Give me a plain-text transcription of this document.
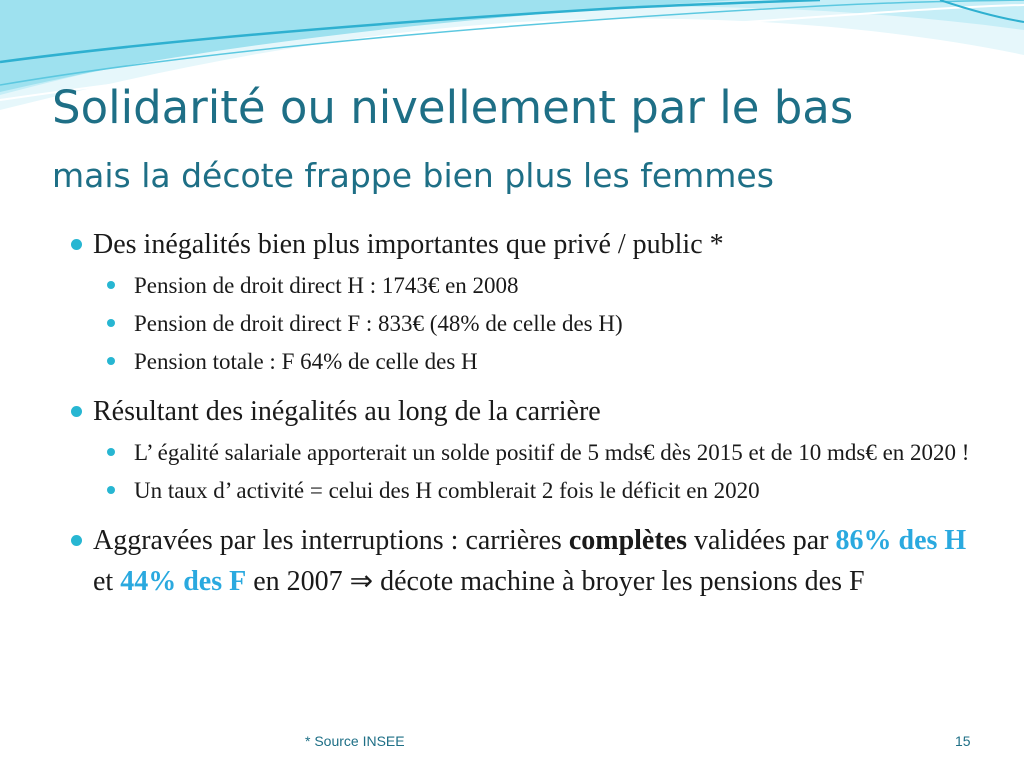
Solidarité ou nivellement par le bas
mais la décote frappe bien plus les femmes
Des inégalités bien plus importantes que privé / public *
Pension de droit direct H : 1743€ en 2008
Pension de droit direct F : 833€ (48% de celle des H)
Pension totale : F 64% de celle des H
Résultant des inégalités au long de la carrière
L’ égalité salariale apporterait un solde positif de 5 mds€ dès 2015 et de 10 mds€ en 2020 !
Un taux d’ activité = celui des H comblerait 2 fois le déficit en 2020
Aggravées par les interruptions : carrières complètes validées par 86% des H et 44% des F en 2007 ⇒ décote machine à broyer les pensions des F
* Source INSEE	15
